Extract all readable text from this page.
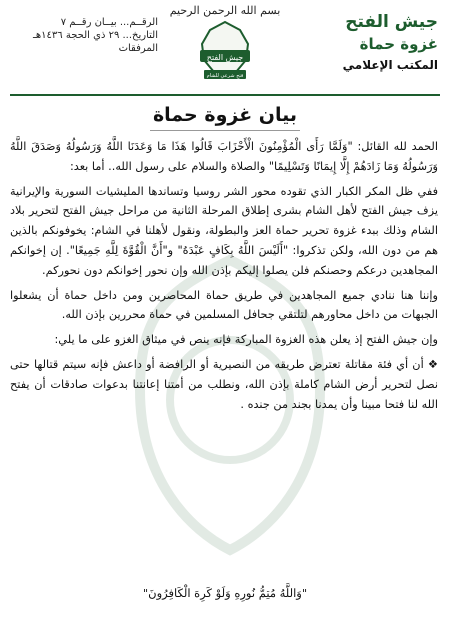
جيش الفتح
غزوة حماة
المكتب الإعلامي
بسم الله الرحمن الرحيم
جيش الفتح
فتح شرعي للشام
الرقــم... بيــان رقــم ٧
التاريخ... ٢٩ ذي الحجة ١٤٣٦هـ
المرفقات
بيان غزوة حماة

الحمد لله القائل: "وَلَمَّا رَأَى الْمُؤْمِنُونَ الْأَحْزَابَ قَالُوا هَذَا مَا وَعَدَنَا اللَّهُ وَرَسُولُهُ وَصَدَقَ اللَّهُ وَرَسُولُهُ وَمَا زَادَهُمْ إِلَّا إِيمَانًا وَتَسْلِيمًا" والصلاة والسلام على رسول الله.. أما بعد:

ففي ظل المكر الكبار الذي تقوده محور الشر روسيا وتساندها المليشيات السورية والإيرانية يزف جيش الفتح لأهل الشام بشرى إطلاق المرحلة الثانية من مراحل جيش الفتح لتحرير بلاد الشام وذلك ببدء غزوة تحرير حماة العز والبطولة، ونقول لأهلنا في الشام: يخوفونكم بالذين هم من دون الله، ولكن تذكروا: "أَلَيْسَ اللَّهُ بِكَافٍ عَبْدَهُ" و"أَنَّ الْقُوَّةَ لِلَّهِ جَمِيعًا". إن إخوانكم المجاهدين درعكم وحصنكم فلن يصلوا إليكم بإذن الله وإن نحور إخوانكم دون نحوركم.

وإننا هنا ننادي جميع المجاهدين في طريق حماة المحاصرين ومن داخل حماة أن يشعلوا الجبهات من داخل محاورهم لتلتقي جحافل المسلمين في حماة محررين بإذن الله.

وإن جيش الفتح إذ يعلن هذه الغزوة المباركة فإنه ينص في ميثاق الغزو على ما يلي:

❖ أن أي فئة مقاتلة تعترض طريقه من النصيرية أو الرافضة أو داعش فإنه سيتم قتالها حتى نصل لتحرير أرض الشام كاملة بإذن الله، ونطلب من أمتنا إعانتنا بدعوات صادقات أن يفتح الله لنا فتحا مبينا وأن يمدنا بجند من جنده .

"وَاللَّهُ مُتِمُّ نُورِهِ وَلَوْ كَرِهَ الْكَافِرُونَ"
